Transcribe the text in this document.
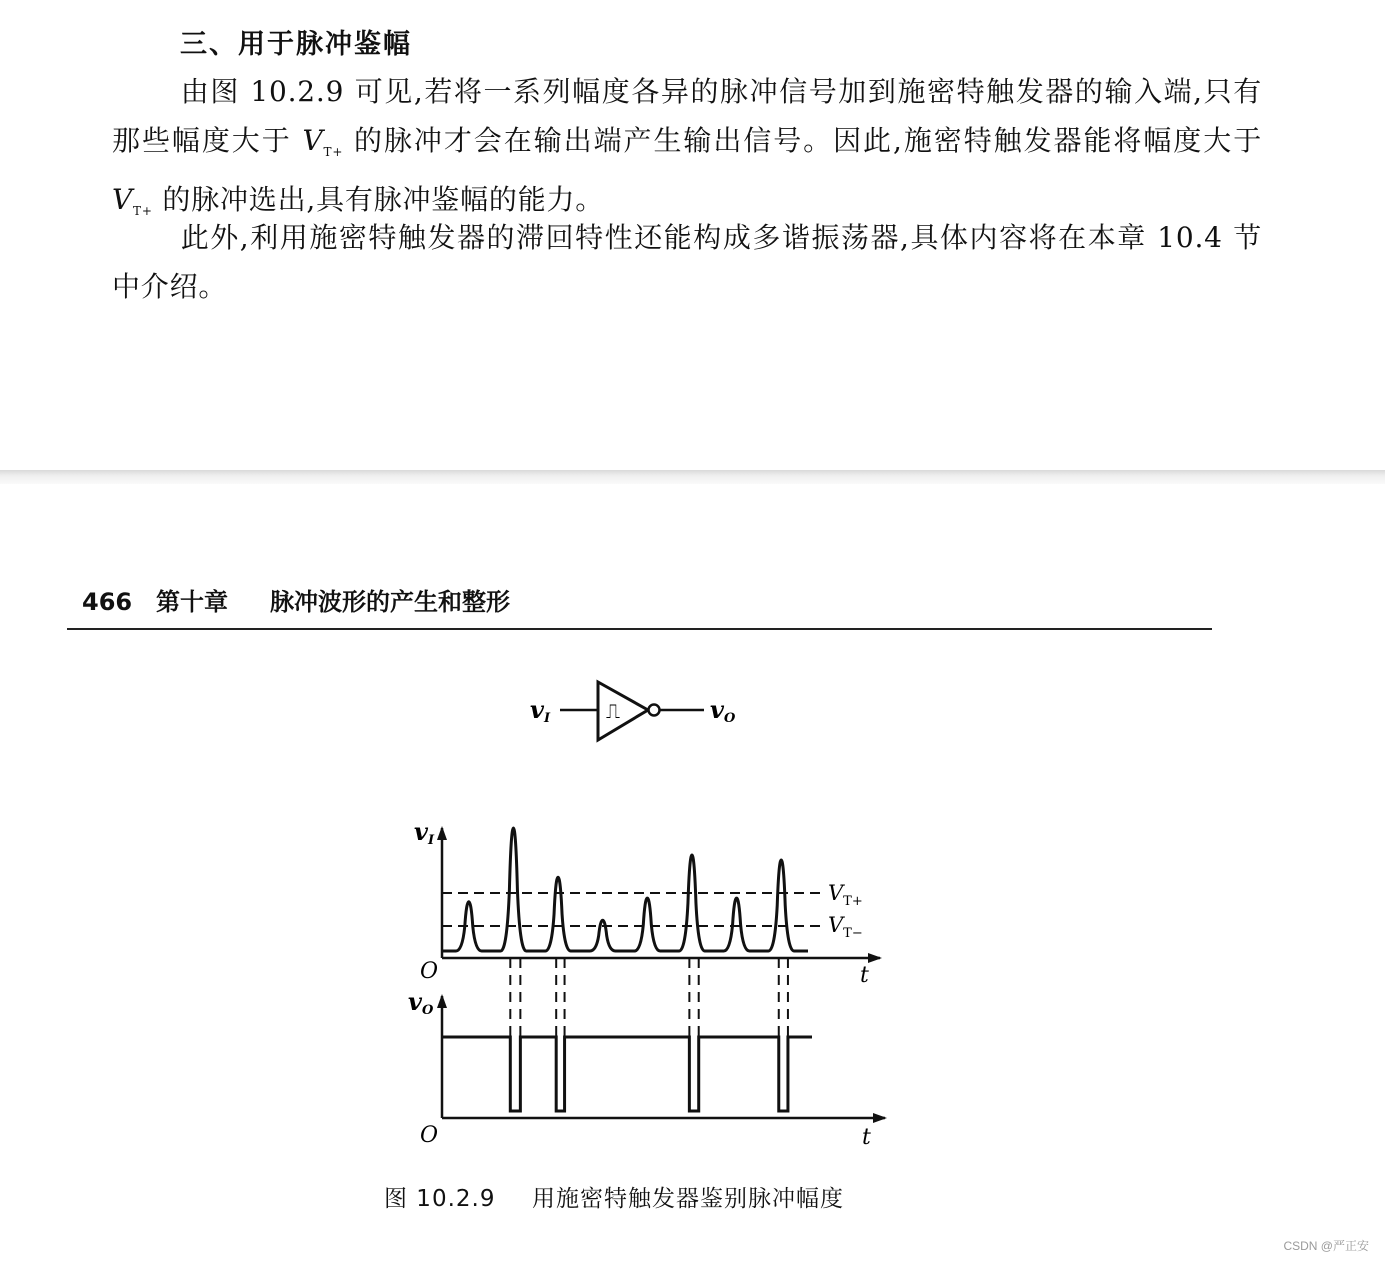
三、用于脉冲鉴幅
由图 10.2.9 可见,若将一系列幅度各异的脉冲信号加到施密特触发器的输入端,只有那些幅度大于 $V_{T+}$ 的脉冲才会在输出端产生输出信号。因此,施密特触发器能将幅度大于 $V_{T+}$ 的脉冲选出,具有脉冲鉴幅的能力。
此外,利用施密特触发器的滞回特性还能构成多谐振荡器,具体内容将在本章 10.4 节中介绍。
466 第十章 脉冲波形的产生和整形
vI	⎍	vO
vI
O	t
$V_{T+}$
$V_{T-}$
vO
O	t
图 10.2.9 用施密特触发器鉴别脉冲幅度
CSDN @严正安
